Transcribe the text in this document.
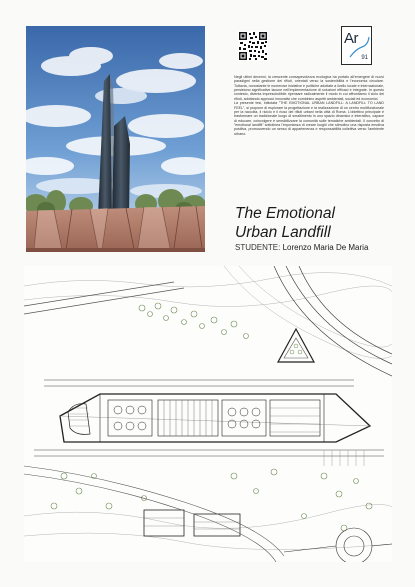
Ar
91

Negli ultimi decenni, la crescente consapevolezza ecologica ha portato all'emergere di nuovi paradigmi nella gestione dei rifiuti, orientati verso la sostenibilità e l'economia circolare. Tuttavia, nonostante le numerose iniziative e politiche adottate a livello locale e internazionale, persistono significative lacune nell'implementazione di soluzioni efficaci e integrate. In questo contesto, diventa imprescindibile ripensare radicalmente il modo in cui affrontiamo il ciclo dei rifiuti, adottando approcci innovativi che combinino aspetti ambientali, sociali ed economici.

La presente tesi, intitolata "THE EMOTIONAL URBAN LANDFILL: A LANDFILL TO LAND FEEL", si propone di esplorare la progettazione e la realizzazione di un centro multifunzionale per la raccolta, il riciclo e il riuso dei rifiuti urbani nella città di Roma. L'obiettivo principale è trasformare un tradizionale luogo di smaltimento in uno spazio dinamico e interattivo, capace di educare, coinvolgere e sensibilizzare la comunità sulle tematiche ambientali. Il concetto di "emotional landfill" sottolinea l'importanza di creare luoghi che stimolino una risposta emotiva positiva, promuovendo un senso di appartenenza e responsabilità collettiva verso l'ambiente urbano.

The Emotional
Urban Landfill
STUDENTE: Lorenzo Maria De Maria
